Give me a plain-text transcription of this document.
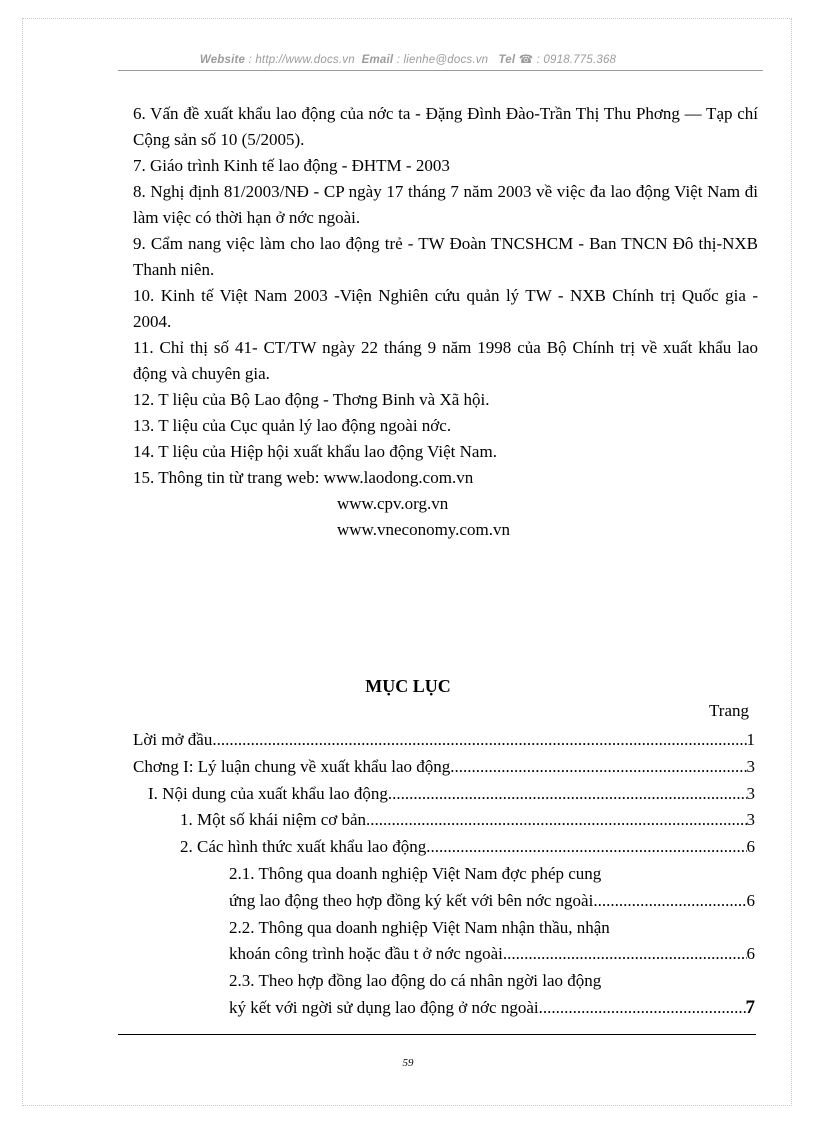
Website : http://www.docs.vn Email : lienhe@docs.vn Tel ☎ : 0918.775.368

6. Vấn đề xuất khẩu lao động của nớc ta - Đặng Đình Đào-Trần Thị Thu Phơng — Tạp chí Cộng sản số 10 (5/2005).

7. Giáo trình Kinh tế lao động - ĐHTM - 2003

8. Nghị định 81/2003/NĐ - CP ngày 17 tháng 7 năm 2003 về việc đa lao động Việt Nam đi làm việc có thời hạn ở nớc ngoài.

9. Cẩm nang việc làm cho lao động trẻ - TW Đoàn TNCSHCM - Ban TNCN Đô thị-NXB Thanh niên.

10. Kinh tế Việt Nam 2003 -Viện Nghiên cứu quản lý TW - NXB Chính trị Quốc gia - 2004.

11. Chỉ thị số 41- CT/TW ngày 22 tháng 9 năm 1998 của Bộ Chính trị về xuất khẩu lao động và chuyên gia.

12. T liệu của Bộ Lao động - Thơng Binh và Xã hội.

13. T liệu của Cục quản lý lao động ngoài nớc.

14. T liệu của Hiệp hội xuất khẩu lao động Việt Nam.

15. Thông tin từ trang web: www.laodong.com.vn

www.cpv.org.vn

www.vneconomy.com.vn

MỤC LỤC
Trang
Lời mở đầu .....	1
Chơng I: Lý luận chung về xuất khẩu lao động .....	3
I. Nội dung của xuất khẩu lao động .....	3
1. Một số khái niệm cơ bản .....	3
2. Các hình thức xuất khẩu lao động .....	6
2.1. Thông qua doanh nghiệp Việt Nam đợc phép cung
ứng lao động theo hợp đồng ký kết với bên nớc ngoài .....	6
2.2. Thông qua doanh nghiệp Việt Nam nhận thầu, nhận
khoán công trình hoặc đầu t ở nớc ngoài .....	6
2.3. Theo hợp đồng lao động do cá nhân ngời lao động
ký kết với ngời sử dụng lao động ở nớc ngoài .....	7
59
